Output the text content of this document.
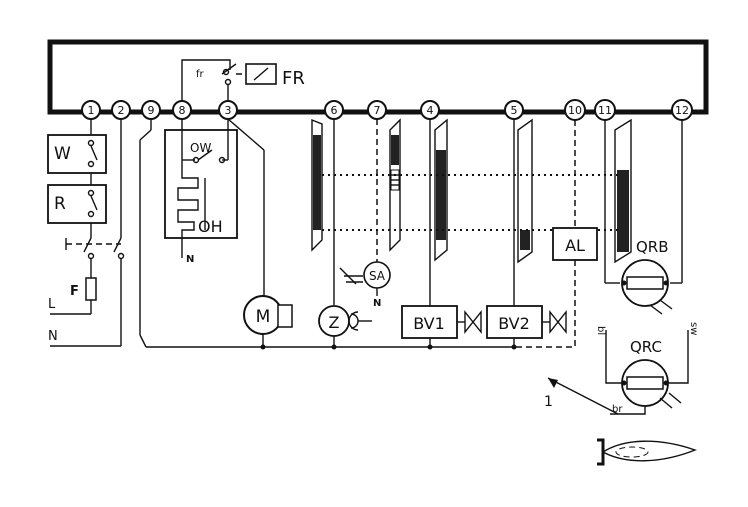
1 2 9 8	3	6	7	4	5	10 11	12
fr	FR
W
R
F
L
N
OW
OH
N
M	Z
SA
N
BV1	BV2
AL	QRB
QRC
bl	sw
br
1
